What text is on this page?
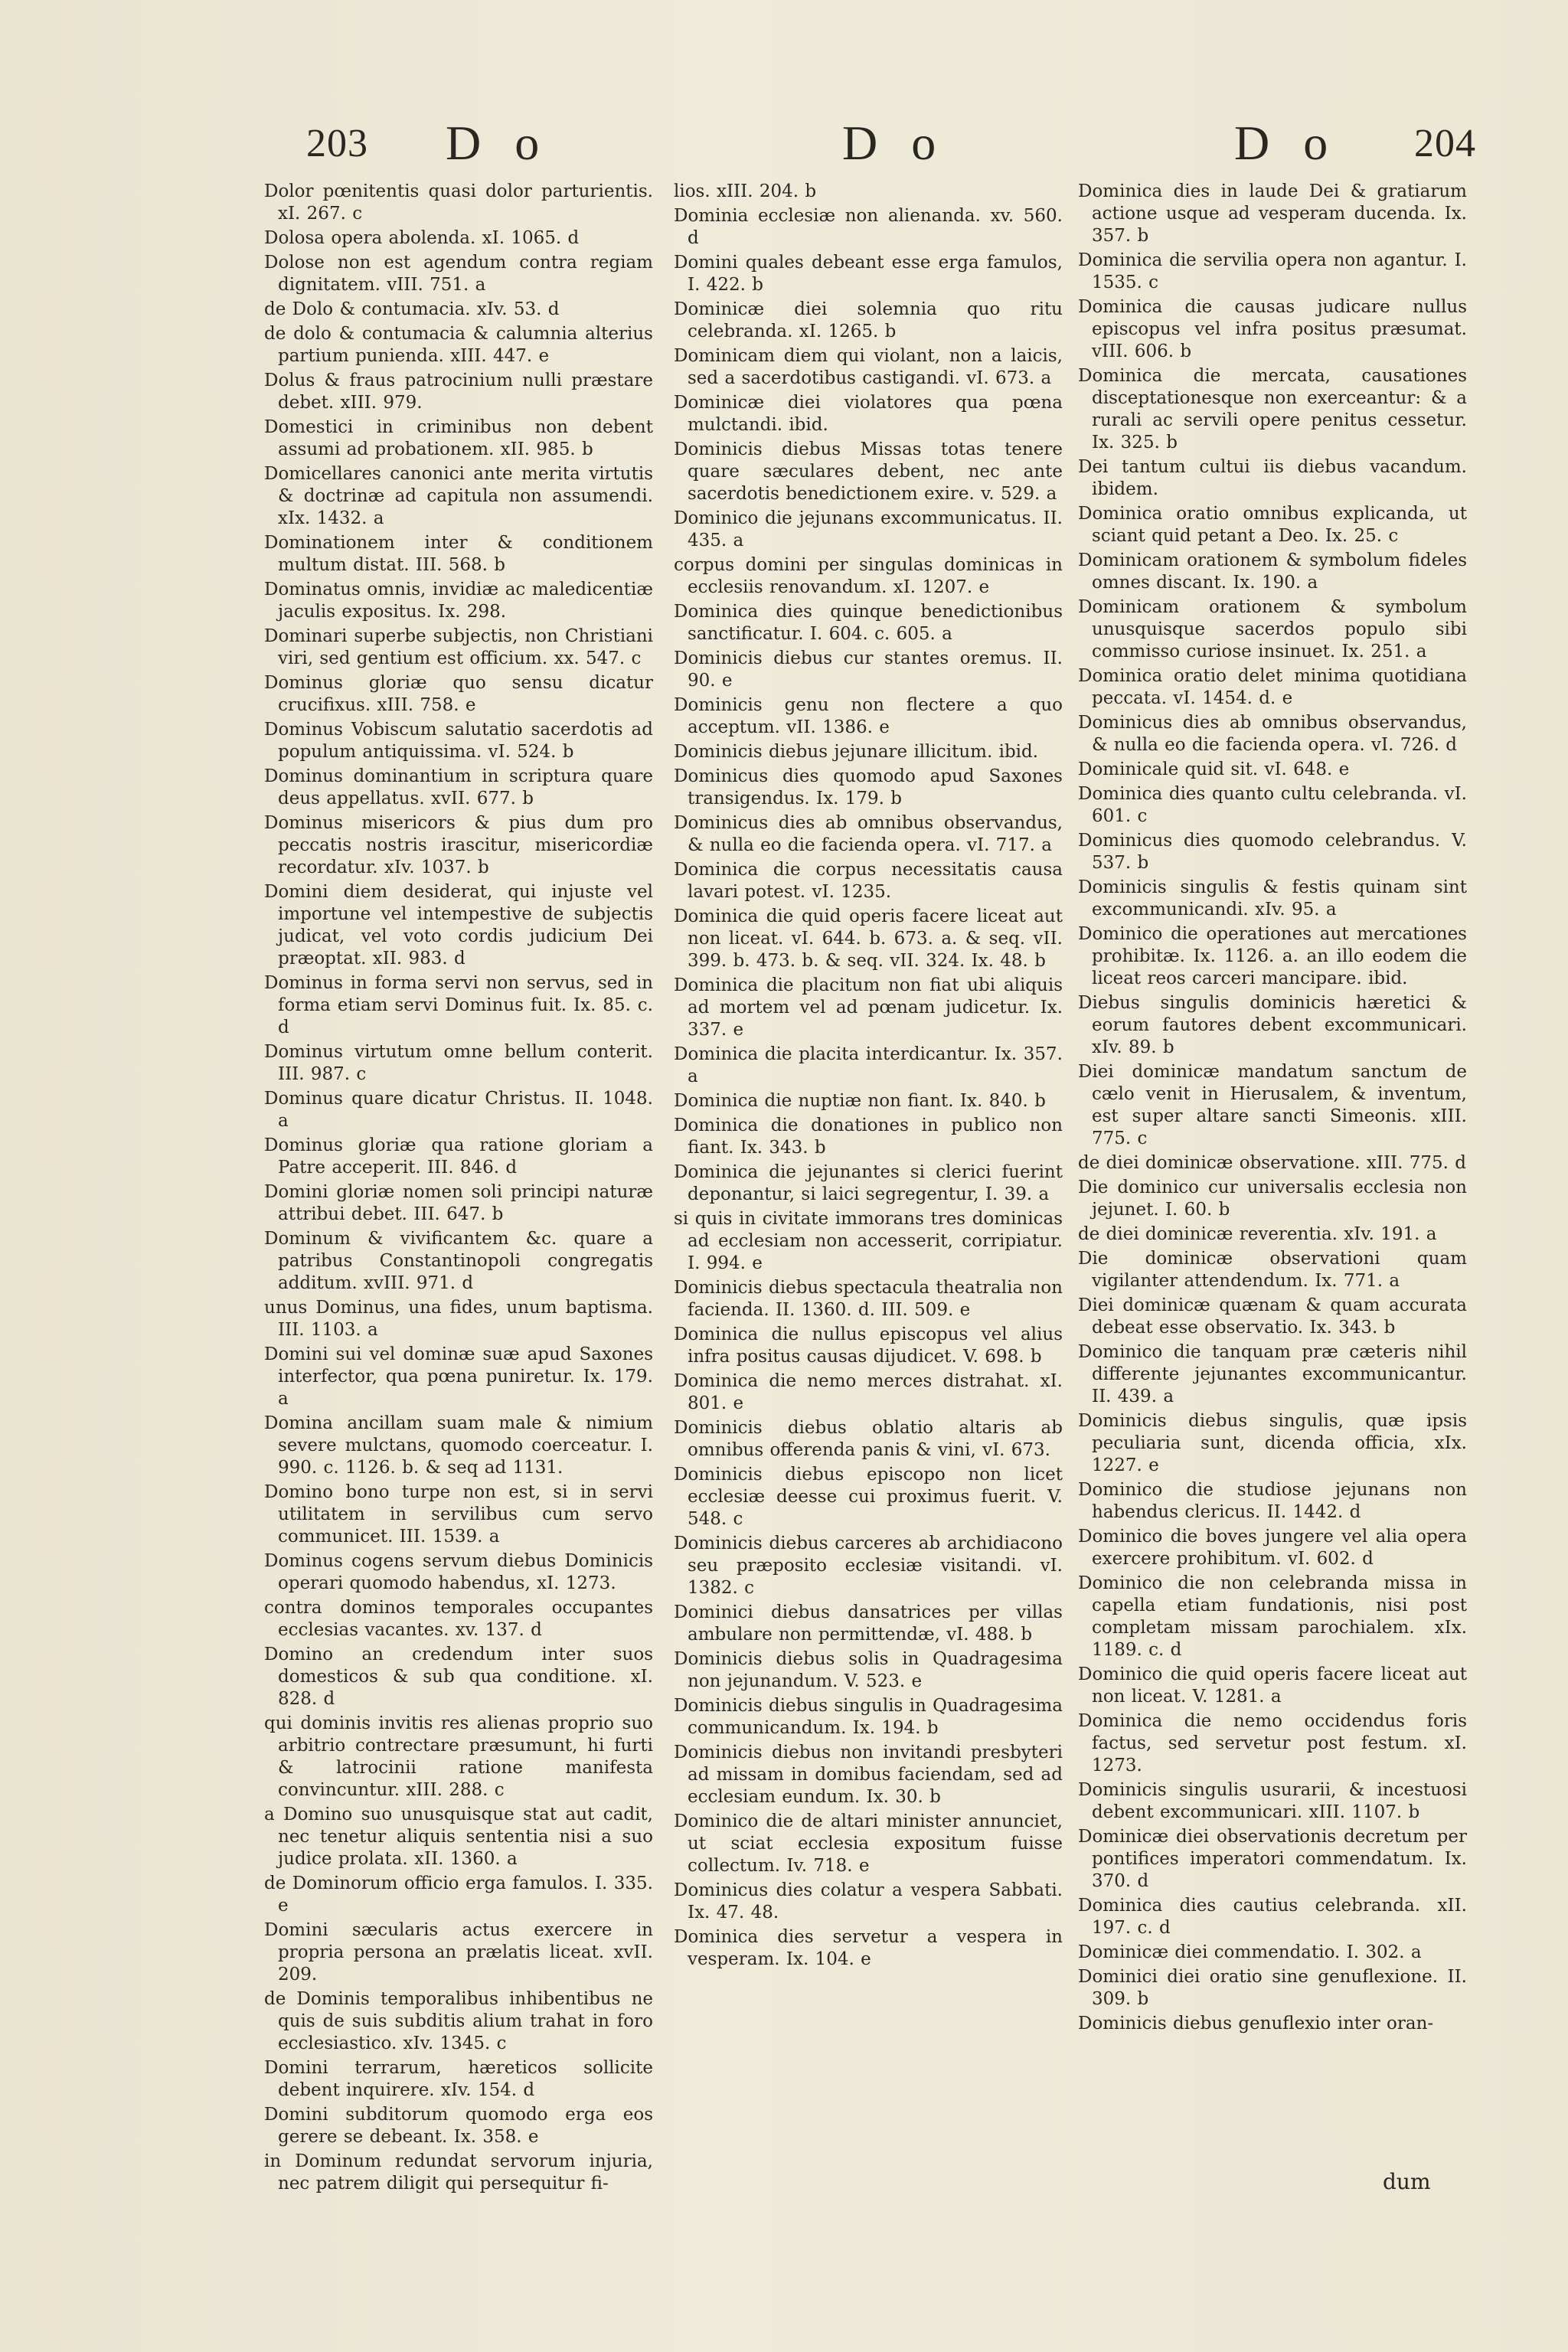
203 D o	D o	D o 204
Dolor pœnitentis quasi dolor parturientis. xI. 267. c
Dolosa opera abolenda. xI. 1065. d
Dolose non est agendum contra regiam dignitatem. vIII. 751. a
de Dolo & contumacia. xIv. 53. d
de dolo & contumacia & calumnia alterius partium punienda. xIII. 447. e
Dolus & fraus patrocinium nulli præstare debet. xIII. 979.
Domestici in criminibus non debent assumi ad probationem. xII. 985. b
Domicellares canonici ante merita virtutis & doctrinæ ad capitula non assumendi. xIx. 1432. a
Dominationem inter & conditionem multum distat. III. 568. b
Dominatus omnis, invidiæ ac maledicentiæ jaculis expositus. Ix. 298.
Dominari superbe subjectis, non Christiani viri, sed gentium est officium. xx. 547. c
Dominus gloriæ quo sensu dicatur crucifixus. xIII. 758. e
Dominus Vobiscum salutatio sacerdotis ad populum antiquissima. vI. 524. b
Dominus dominantium in scriptura quare deus appellatus. xvII. 677. b
Dominus misericors & pius dum pro peccatis nostris irascitur, misericordiæ recordatur. xIv. 1037. b
Domini diem desiderat, qui injuste vel importune vel intempestive de subjectis judicat, vel voto cordis judicium Dei præoptat. xII. 983. d
Dominus in forma servi non servus, sed in forma etiam servi Dominus fuit. Ix. 85. c. d
Dominus virtutum omne bellum conterit. III. 987. c
Dominus quare dicatur Christus. II. 1048. a
Dominus gloriæ qua ratione gloriam a Patre acceperit. III. 846. d
Domini gloriæ nomen soli principi naturæ attribui debet. III. 647. b
Dominum & vivificantem &c. quare a patribus Constantinopoli congregatis additum. xvIII. 971. d
unus Dominus, una fides, unum baptisma. III. 1103. a
Domini sui vel dominæ suæ apud Saxones interfector, qua pœna puniretur. Ix. 179. a
Domina ancillam suam male & nimium severe mulctans, quomodo coerceatur. I. 990. c. 1126. b. & seq ad 1131.
Domino bono turpe non est, si in servi utilitatem in servilibus cum servo communicet. III. 1539. a
Dominus cogens servum diebus Dominicis operari quomodo habendus, xI. 1273.
contra dominos temporales occupantes ecclesias vacantes. xv. 137. d
Domino an credendum inter suos domesticos & sub qua conditione. xI. 828. d
qui dominis invitis res alienas proprio suo arbitrio contrectare præsumunt, hi furti & latrocinii ratione manifesta convincuntur. xIII. 288. c
a Domino suo unusquisque stat aut cadit, nec tenetur aliquis sententia nisi a suo judice prolata. xII. 1360. a
de Dominorum officio erga famulos. I. 335. e
Domini sæcularis actus exercere in propria persona an prælatis liceat. xvII. 209.
de Dominis temporalibus inhibentibus ne quis de suis subditis alium trahat in foro ecclesiastico. xIv. 1345. c
Domini terrarum, hæreticos sollicite debent inquirere. xIv. 154. d
Domini subditorum quomodo erga eos gerere se debeant. Ix. 358. e
in Dominum redundat servorum injuria, nec patrem diligit qui persequitur fi-
lios. xIII. 204. b
Dominia ecclesiæ non alienanda. xv. 560. d
Domini quales debeant esse erga famulos, I. 422. b
Dominicæ diei solemnia quo ritu celebranda. xI. 1265. b
Dominicam diem qui violant, non a laicis, sed a sacerdotibus castigandi. vI. 673. a
Dominicæ diei violatores qua pœna mulctandi. ibid.
Dominicis diebus Missas totas tenere quare sæculares debent, nec ante sacerdotis benedictionem exire. v. 529. a
Dominico die jejunans excommunicatus. II. 435. a
corpus domini per singulas dominicas in ecclesiis renovandum. xI. 1207. e
Dominica dies quinque benedictionibus sanctificatur. I. 604. c. 605. a
Dominicis diebus cur stantes oremus. II. 90. e
Dominicis genu non flectere a quo acceptum. vII. 1386. e
Dominicis diebus jejunare illicitum. ibid.
Dominicus dies quomodo apud Saxones transigendus. Ix. 179. b
Dominicus dies ab omnibus observandus, & nulla eo die facienda opera. vI. 717. a
Dominica die corpus necessitatis causa lavari potest. vI. 1235.
Dominica die quid operis facere liceat aut non liceat. vI. 644. b. 673. a. & seq. vII. 399. b. 473. b. & seq. vII. 324. Ix. 48. b
Dominica die placitum non fiat ubi aliquis ad mortem vel ad pœnam judicetur. Ix. 337. e
Dominica die placita interdicantur. Ix. 357. a
Dominica die nuptiæ non fiant. Ix. 840. b
Dominica die donationes in publico non fiant. Ix. 343. b
Dominica die jejunantes si clerici fuerint deponantur, si laici segregentur, I. 39. a
si quis in civitate immorans tres dominicas ad ecclesiam non accesserit, corripiatur. I. 994. e
Dominicis diebus spectacula theatralia non facienda. II. 1360. d. III. 509. e
Dominica die nullus episcopus vel alius infra positus causas dijudicet. V. 698. b
Dominica die nemo merces distrahat. xI. 801. e
Dominicis diebus oblatio altaris ab omnibus offerenda panis & vini, vI. 673.
Dominicis diebus episcopo non licet ecclesiæ deesse cui proximus fuerit. V. 548. c
Dominicis diebus carceres ab archidiacono seu præposito ecclesiæ visitandi. vI. 1382. c
Dominici diebus dansatrices per villas ambulare non permittendæ, vI. 488. b
Dominicis diebus solis in Quadragesima non jejunandum. V. 523. e
Dominicis diebus singulis in Quadragesima communicandum. Ix. 194. b
Dominicis diebus non invitandi presbyteri ad missam in domibus faciendam, sed ad ecclesiam eundum. Ix. 30. b
Dominico die de altari minister annunciet, ut sciat ecclesia expositum fuisse collectum. Iv. 718. e
Dominicus dies colatur a vespera Sabbati. Ix. 47. 48.
Dominica dies servetur a vespera in vesperam. Ix. 104. e
Dominica dies in laude Dei & gratiarum actione usque ad vesperam ducenda. Ix. 357. b
Dominica die servilia opera non agantur. I. 1535. c
Dominica die causas judicare nullus episcopus vel infra positus præsumat. vIII. 606. b
Dominica die mercata, causationes disceptationesque non exerceantur: & a rurali ac servili opere penitus cessetur. Ix. 325. b
Dei tantum cultui iis diebus vacandum. ibidem.
Dominica oratio omnibus explicanda, ut sciant quid petant a Deo. Ix. 25. c
Dominicam orationem & symbolum fideles omnes discant. Ix. 190. a
Dominicam orationem & symbolum unusquisque sacerdos populo sibi commisso curiose insinuet. Ix. 251. a
Dominica oratio delet minima quotidiana peccata. vI. 1454. d. e
Dominicus dies ab omnibus observandus, & nulla eo die facienda opera. vI. 726. d
Dominicale quid sit. vI. 648. e
Dominica dies quanto cultu celebranda. vI. 601. c
Dominicus dies quomodo celebrandus. V. 537. b
Dominicis singulis & festis quinam sint excommunicandi. xIv. 95. a
Dominico die operationes aut mercationes prohibitæ. Ix. 1126. a. an illo eodem die liceat reos carceri mancipare. ibid.
Diebus singulis dominicis hæretici & eorum fautores debent excommunicari. xIv. 89. b
Diei dominicæ mandatum sanctum de cælo venit in Hierusalem, & inventum, est super altare sancti Simeonis. xIII. 775. c
de diei dominicæ observatione. xIII. 775. d
Die dominico cur universalis ecclesia non jejunet. I. 60. b
de diei dominicæ reverentia. xIv. 191. a
Die dominicæ observationi quam vigilanter attendendum. Ix. 771. a
Diei dominicæ quænam & quam accurata debeat esse observatio. Ix. 343. b
Dominico die tanquam præ cæteris nihil differente jejunantes excommunicantur. II. 439. a
Dominicis diebus singulis, quæ ipsis peculiaria sunt, dicenda officia, xIx. 1227. e
Dominico die studiose jejunans non habendus clericus. II. 1442. d
Dominico die boves jungere vel alia opera exercere prohibitum. vI. 602. d
Dominico die non celebranda missa in capella etiam fundationis, nisi post completam missam parochialem. xIx. 1189. c. d
Dominico die quid operis facere liceat aut non liceat. V. 1281. a
Dominica die nemo occidendus foris factus, sed servetur post festum. xI. 1273.
Dominicis singulis usurarii, & incestuosi debent excommunicari. xIII. 1107. b
Dominicæ diei observationis decretum per pontifices imperatori commendatum. Ix. 370. d
Dominica dies cautius celebranda. xII. 197. c. d
Dominicæ diei commendatio. I. 302. a
Dominici diei oratio sine genuflexione. II. 309. b
Dominicis diebus genuflexio inter oran-
dum
